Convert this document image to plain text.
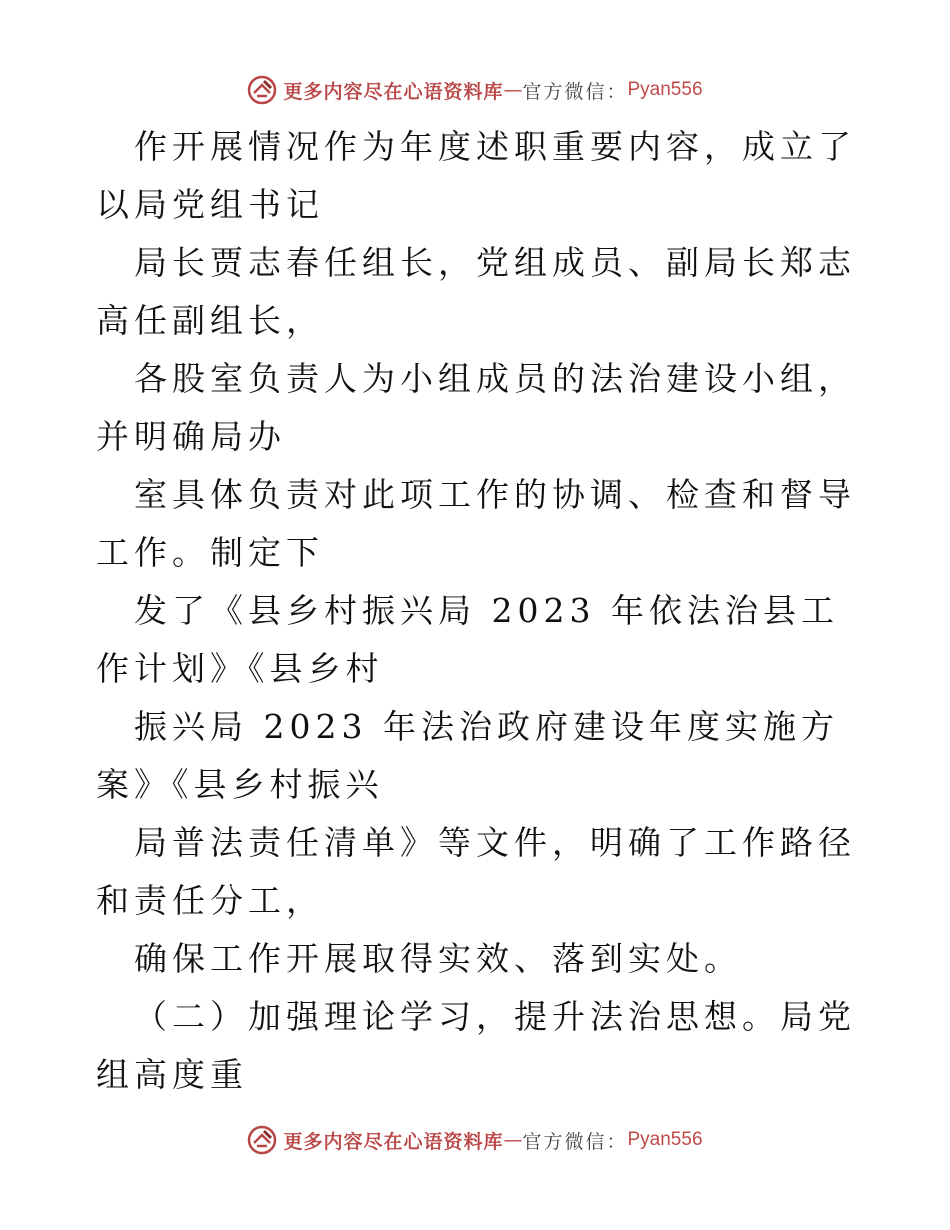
更多内容尽在心语资料库 — 官方微信： Pyan556

作开展情况作为年度述职重要内容，成立了以局党组书记

局长贾志春任组长，党组成员、副局长郑志高任副组长，

各股室负责人为小组成员的法治建设小组，并明确局办

室具体负责对此项工作的协调、检查和督导工作。制定下

发了《县乡村振兴局 2023 年依法治县工作计划》《县乡村

振兴局 2023 年法治政府建设年度实施方案》《县乡村振兴

局普法责任清单》等文件，明确了工作路径和责任分工，

确保工作开展取得实效、落到实处。

（二）加强理论学习，提升法治思想。局党组高度重

更多内容尽在心语资料库 — 官方微信： Pyan556
